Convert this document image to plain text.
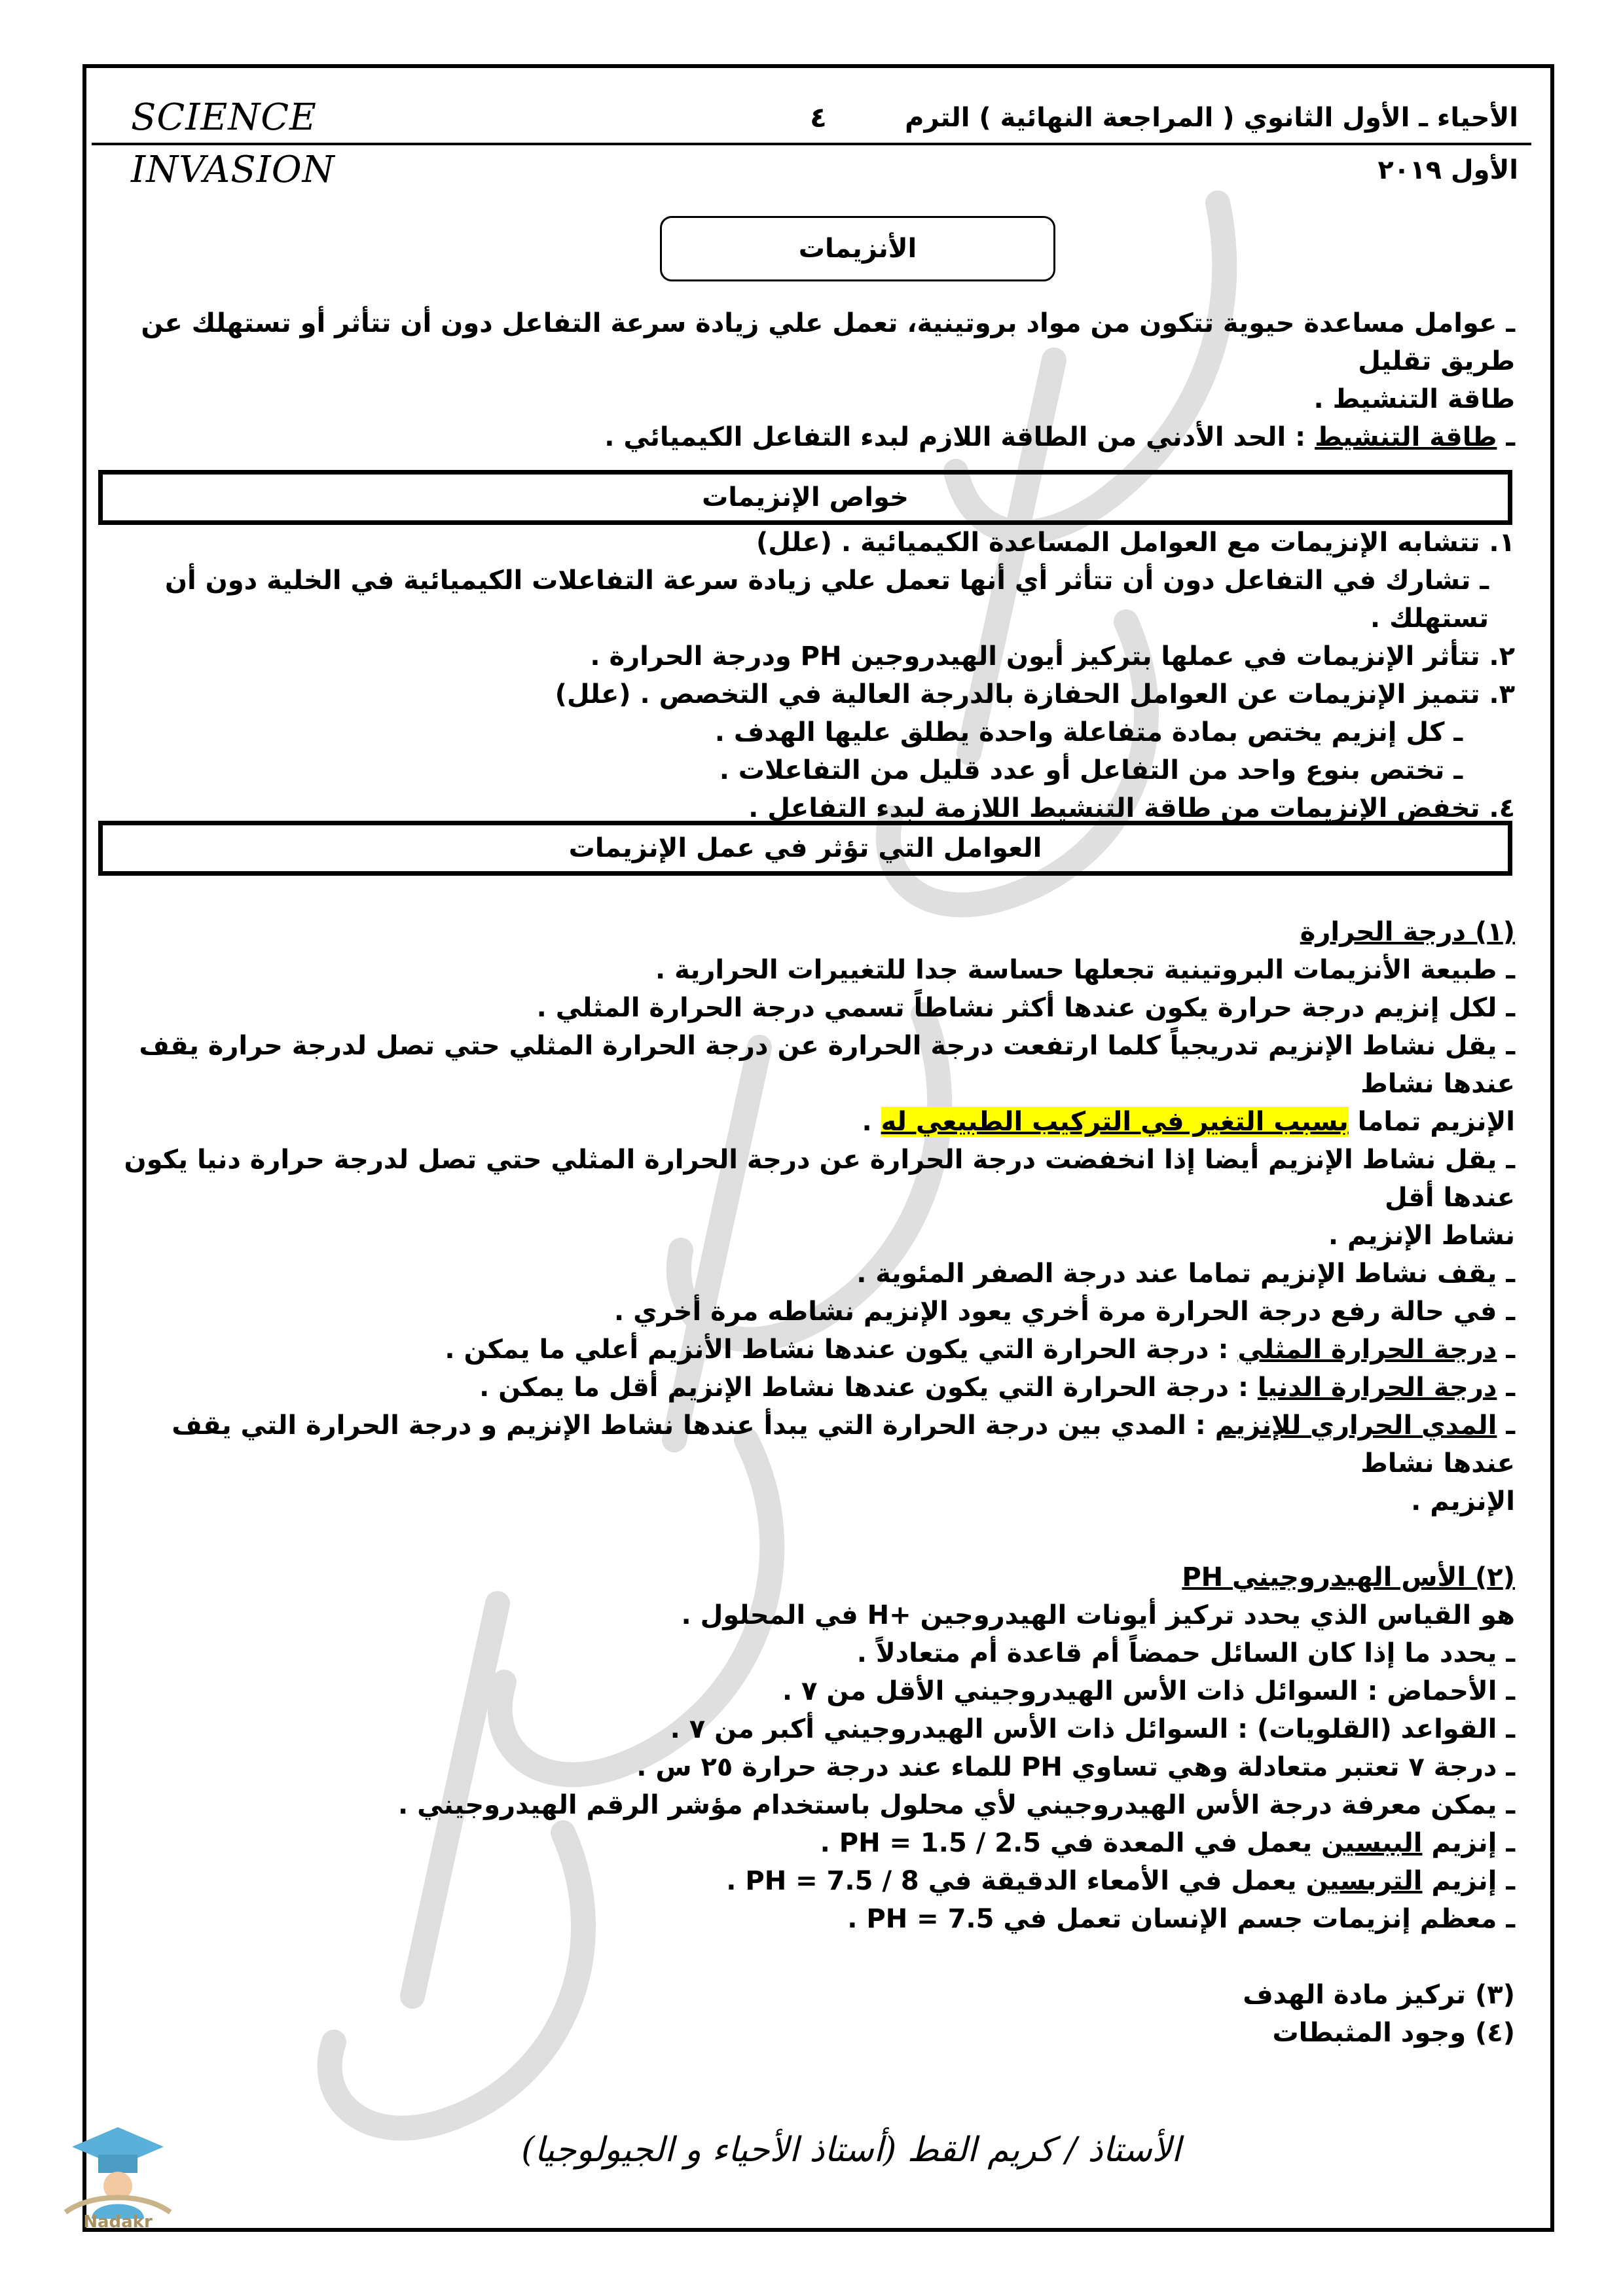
الأحياء ـ الأول الثانوي ( المراجعة النهائية ) الترم الأول ٢٠١٩
٤
SCIENCE INVASION
الأنزيمات

ـ عوامل مساعدة حيوية تتكون من مواد بروتينية، تعمل علي زيادة سرعة التفاعل دون أن تتأثر أو تستهلك عن طريق تقليل

طاقة التنشيط .

ـ طاقة التنشيط : الحد الأدني من الطاقة اللازم لبدء التفاعل الكيميائي .

خواص الإنزيمات

١. تتشابه الإنزيمات مع العوامل المساعدة الكيميائية . (علل)

ـ تشارك في التفاعل دون أن تتأثر أي أنها تعمل علي زيادة سرعة التفاعلات الكيميائية في الخلية دون أن تستهلك .

٢. تتأثر الإنزيمات في عملها بتركيز أيون الهيدروجين PH ودرجة الحرارة .

٣. تتميز الإنزيمات عن العوامل الحفازة بالدرجة العالية في التخصص . (علل)

ـ كل إنزيم يختص بمادة متفاعلة واحدة يطلق عليها الهدف .

ـ تختص بنوع واحد من التفاعل أو عدد قليل من التفاعلات .

٤. تخفض الإنزيمات من طاقة التنشيط اللازمة لبدء التفاعل .

العوامل التي تؤثر في عمل الإنزيمات

(١) درجة الحرارة

ـ طبيعة الأنزيمات البروتينية تجعلها حساسة جدا للتغييرات الحرارية .

ـ لكل إنزيم درجة حرارة يكون عندها أكثر نشاطاً تسمي درجة الحرارة المثلي .

ـ يقل نشاط الإنزيم تدريجياً كلما ارتفعت درجة الحرارة عن درجة الحرارة المثلي حتي تصل لدرجة حرارة يقف عندها نشاط

الإنزيم تماما بسبب التغير في التركيب الطبيعي له .

ـ يقل نشاط الإنزيم أيضا إذا انخفضت درجة الحرارة عن درجة الحرارة المثلي حتي تصل لدرجة حرارة دنيا يكون عندها أقل

نشاط الإنزيم .

ـ يقف نشاط الإنزيم تماما عند درجة الصفر المئوية .

ـ في حالة رفع درجة الحرارة مرة أخري يعود الإنزيم نشاطه مرة أخري .

ـ درجة الحرارة المثلي : درجة الحرارة التي يكون عندها نشاط الأنزيم أعلي ما يمكن .

ـ درجة الحرارة الدنيا : درجة الحرارة التي يكون عندها نشاط الإنزيم أقل ما يمكن .

ـ المدي الحراري للإنزيم : المدي بين درجة الحرارة التي يبدأ عندها نشاط الإنزيم و درجة الحرارة التي يقف عندها نشاط

الإنزيم .

(٢) الأس الهيدروجيني PH

هو القياس الذي يحدد تركيز أيونات الهيدروجين +H في المحلول .

ـ يحدد ما إذا كان السائل حمضاً أم قاعدة أم متعادلاً .

ـ الأحماض : السوائل ذات الأس الهيدروجيني الأقل من ٧ .

ـ القواعد (القلويات) : السوائل ذات الأس الهيدروجيني أكبر من ٧ .

ـ درجة ٧ تعتبر متعادلة وهي تساوي PH للماء عند درجة حرارة ٢٥ س .

ـ يمكن معرفة درجة الأس الهيدروجيني لأي محلول باستخدام مؤشر الرقم الهيدروجيني .

ـ إنزيم الببسين يعمل في المعدة في 2.5 / 1.5 = PH .

ـ إنزيم التربسين يعمل في الأمعاء الدقيقة في 8 / 7.5 = PH .

ـ معظم إنزيمات جسم الإنسان تعمل في PH = 7.5 .

(٣) تركيز مادة الهدف

(٤) وجود المثبطات

Nadakr
الأستاذ / كريم القط (أستاذ الأحياء و الجيولوجيا)
